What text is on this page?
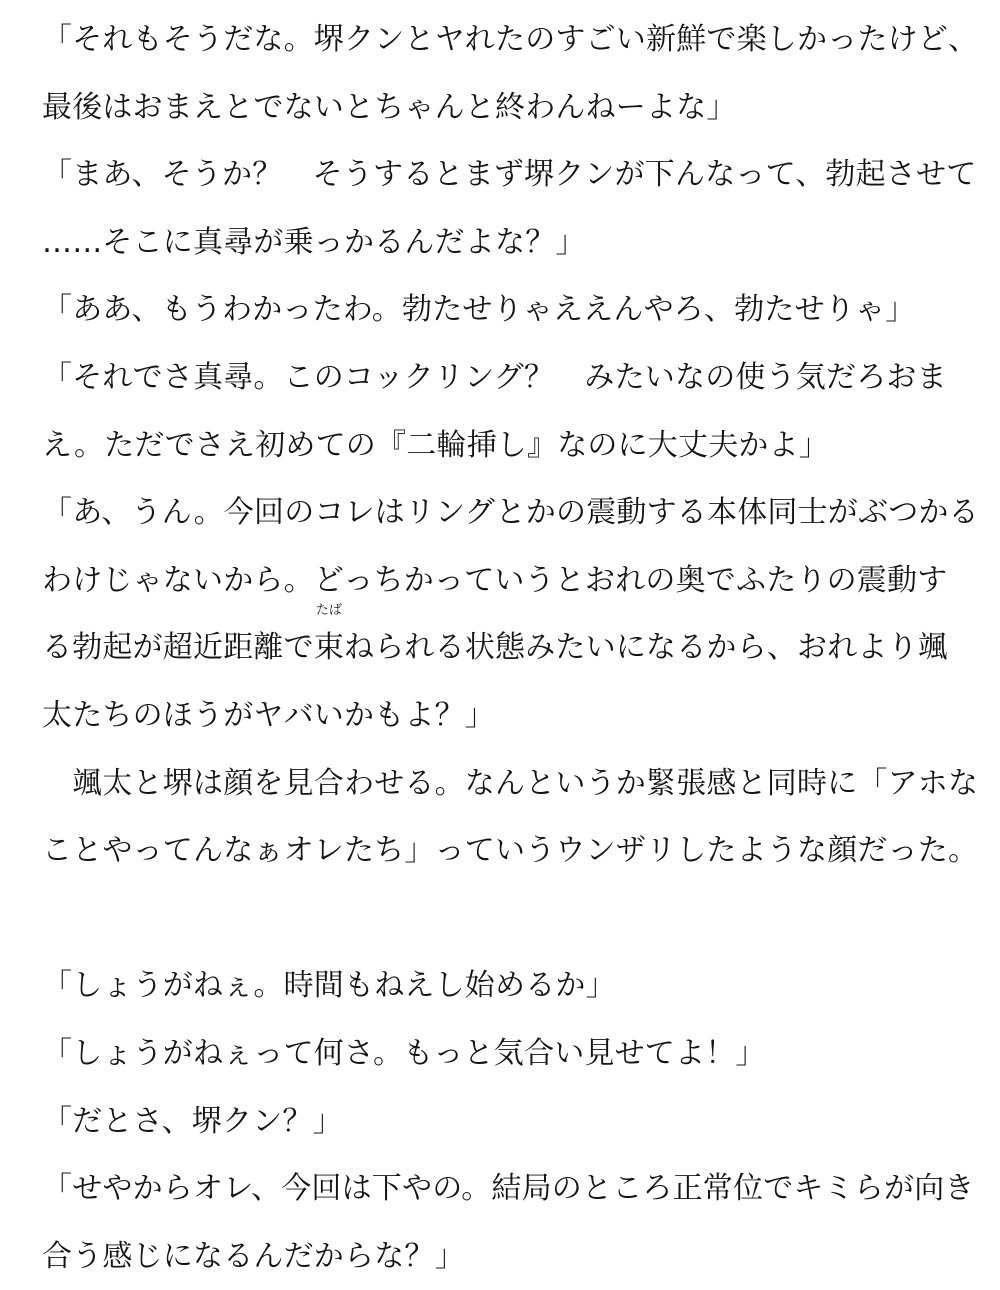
「それもそうだな。堺クンとヤれたのすごい新鮮で楽しかったけど、
最後はおまえとでないとちゃんと終わんねーよな」
「まあ、そうか？　そうするとまず堺クンが下んなって、勃起させて
……そこに真尋が乗っかるんだよな？」
「ああ、もうわかったわ。勃たせりゃええんやろ、勃たせりゃ」
「それでさ真尋。このコックリング？　みたいなの使う気だろおま
え。ただでさえ初めての『二輪挿し』なのに大丈夫かよ」
「あ、うん。今回のコレはリングとかの震動する本体同士がぶつかる
わけじゃないから。どっちかっていうとおれの奥でふたりの震動す
る勃起が超近距離で
たば
束ねられる状態みたいになるから、おれより颯
太たちのほうがヤバいかもよ？」
　颯太と堺は顔を見合わせる。なんというか緊張感と同時に「アホな
ことやってんなぁオレたち」っていうウンザリしたような顔だった。
「しょうがねぇ。時間もねえし始めるか」
「しょうがねぇって何さ。もっと気合い見せてよ！」
「だとさ、堺クン？」
「せやからオレ、今回は下やの。結局のところ正常位でキミらが向き
合う感じになるんだからな？」
